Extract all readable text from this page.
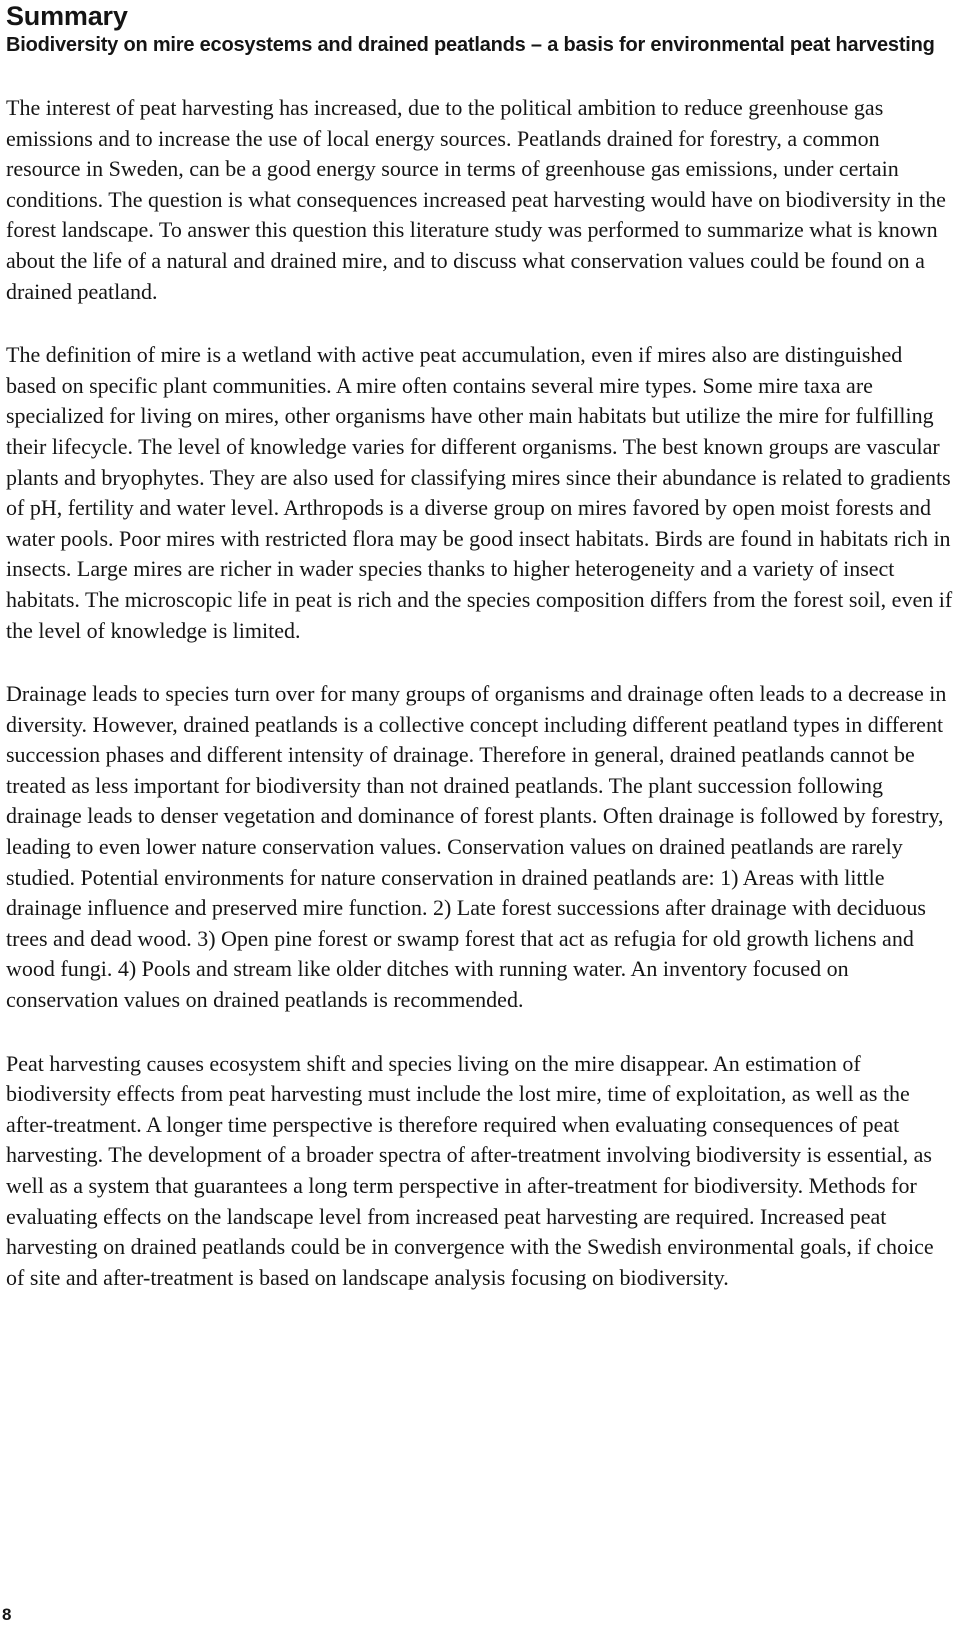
Summary
Biodiversity on mire ecosystems and drained peatlands – a basis for environmental peat harvesting

The interest of peat harvesting has increased, due to the political ambition to reduce greenhouse gas emissions and to increase the use of local energy sources. Peatlands drained for forestry, a common resource in Sweden, can be a good energy source in terms of greenhouse gas emissions, under certain conditions. The question is what consequences increased peat harvesting would have on biodiversity in the forest landscape. To answer this question this literature study was performed to summarize what is known about the life of a natural and drained mire, and to discuss what conservation values could be found on a drained peatland.

The definition of mire is a wetland with active peat accumulation, even if mires also are distinguished based on specific plant communities. A mire often contains several mire types. Some mire taxa are specialized for living on mires, other organisms have other main habitats but utilize the mire for fulfilling their lifecycle. The level of knowledge varies for different organisms. The best known groups are vascular plants and bryophytes. They are also used for classifying mires since their abundance is related to gradients of pH, fertility and water level. Arthropods is a diverse group on mires favored by open moist forests and water pools. Poor mires with restricted flora may be good insect habitats. Birds are found in habitats rich in insects. Large mires are richer in wader species thanks to higher heterogeneity and a variety of insect habitats. The microscopic life in peat is rich and the species composition differs from the forest soil, even if the level of knowledge is limited.

Drainage leads to species turn over for many groups of organisms and drainage often leads to a decrease in diversity. However, drained peatlands is a collective concept including different peatland types in different succession phases and different intensity of drainage. Therefore in general, drained peatlands cannot be treated as less important for biodiversity than not drained peatlands. The plant succession following drainage leads to denser vegetation and dominance of forest plants. Often drainage is followed by forestry, leading to even lower nature conservation values. Conservation values on drained peatlands are rarely studied. Potential environments for nature conservation in drained peatlands are: 1) Areas with little drainage influence and preserved mire function. 2) Late forest successions after drainage with deciduous trees and dead wood. 3) Open pine forest or swamp forest that act as refugia for old growth lichens and wood fungi. 4) Pools and stream like older ditches with running water. An inventory focused on conservation values on drained peatlands is recommended.

Peat harvesting causes ecosystem shift and species living on the mire disappear. An estimation of biodiversity effects from peat harvesting must include the lost mire, time of exploitation, as well as the after-treatment. A longer time perspective is therefore required when evaluating consequences of peat harvesting. The development of a broader spectra of after-treatment involving biodiversity is essential, as well as a system that guarantees a long term perspective in after-treatment for biodiversity. Methods for evaluating effects on the landscape level from increased peat harvesting are required. Increased peat harvesting on drained peatlands could be in convergence with the Swedish environmental goals, if choice of site and after-treatment is based on landscape analysis focusing on biodiversity.

8
